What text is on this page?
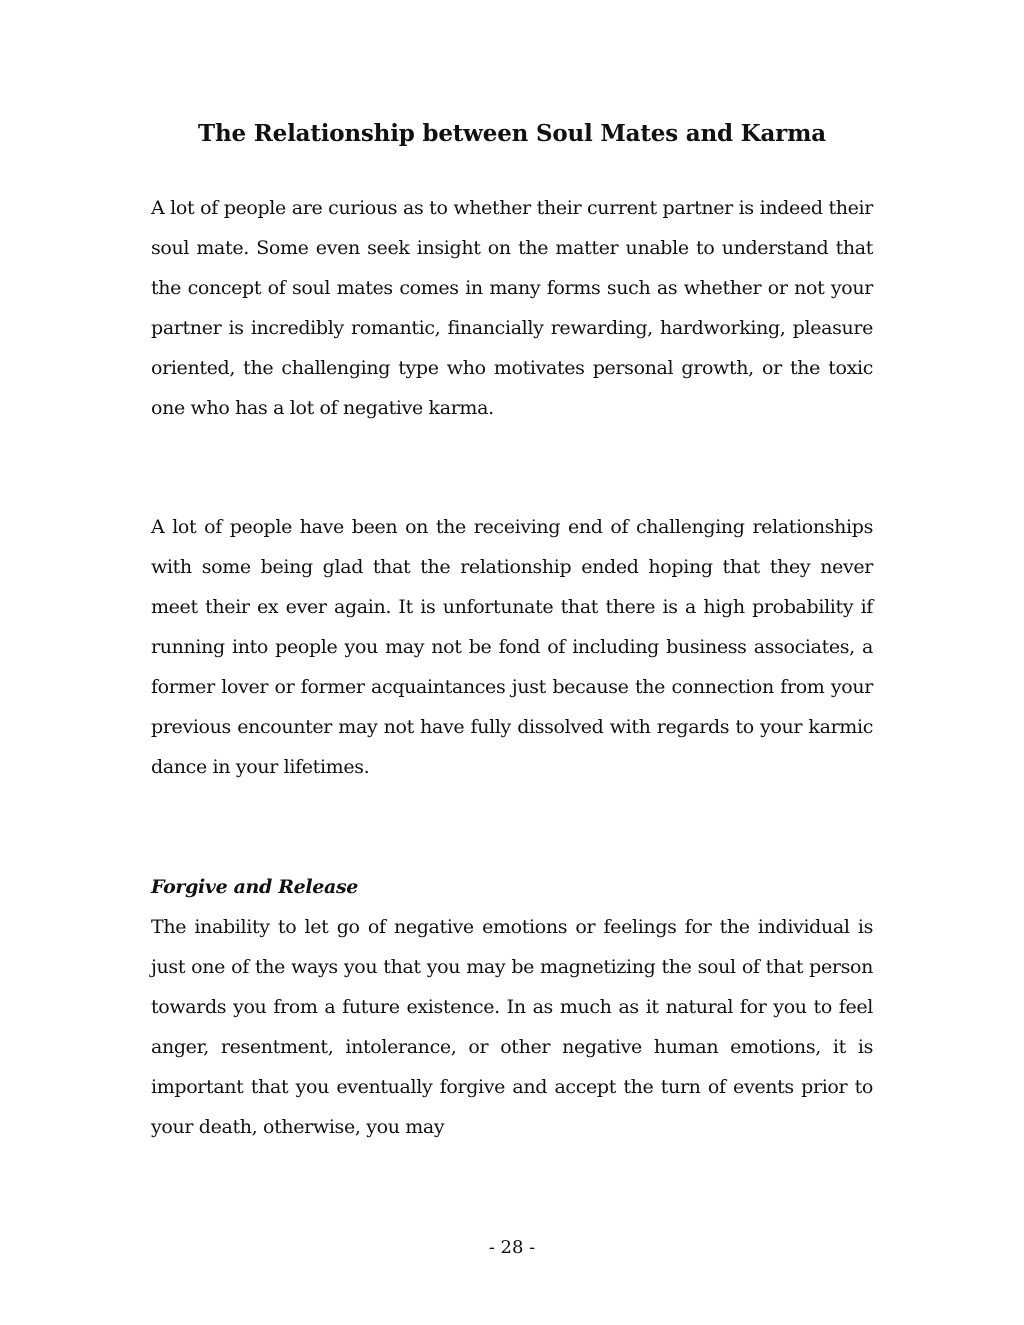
The Relationship between Soul Mates and Karma

A lot of people are curious as to whether their current partner is indeed their soul mate. Some even seek insight on the matter unable to understand that the concept of soul mates comes in many forms such as whether or not your partner is incredibly romantic, financially rewarding, hardworking, pleasure oriented, the challenging type who motivates personal growth, or the toxic one who has a lot of negative karma.

A lot of people have been on the receiving end of challenging relationships with some being glad that the relationship ended hoping that they never meet their ex ever again. It is unfortunate that there is a high probability if running into people you may not be fond of including business associates, a former lover or former acquaintances just because the connection from your previous encounter may not have fully dissolved with regards to your karmic dance in your lifetimes.

Forgive and Release

The inability to let go of negative emotions or feelings for the individual is just one of the ways you that you may be magnetizing the soul of that person towards you from a future existence. In as much as it natural for you to feel anger, resentment, intolerance, or other negative human emotions, it is important that you eventually forgive and accept the turn of events prior to your death, otherwise, you may

- 28 -
